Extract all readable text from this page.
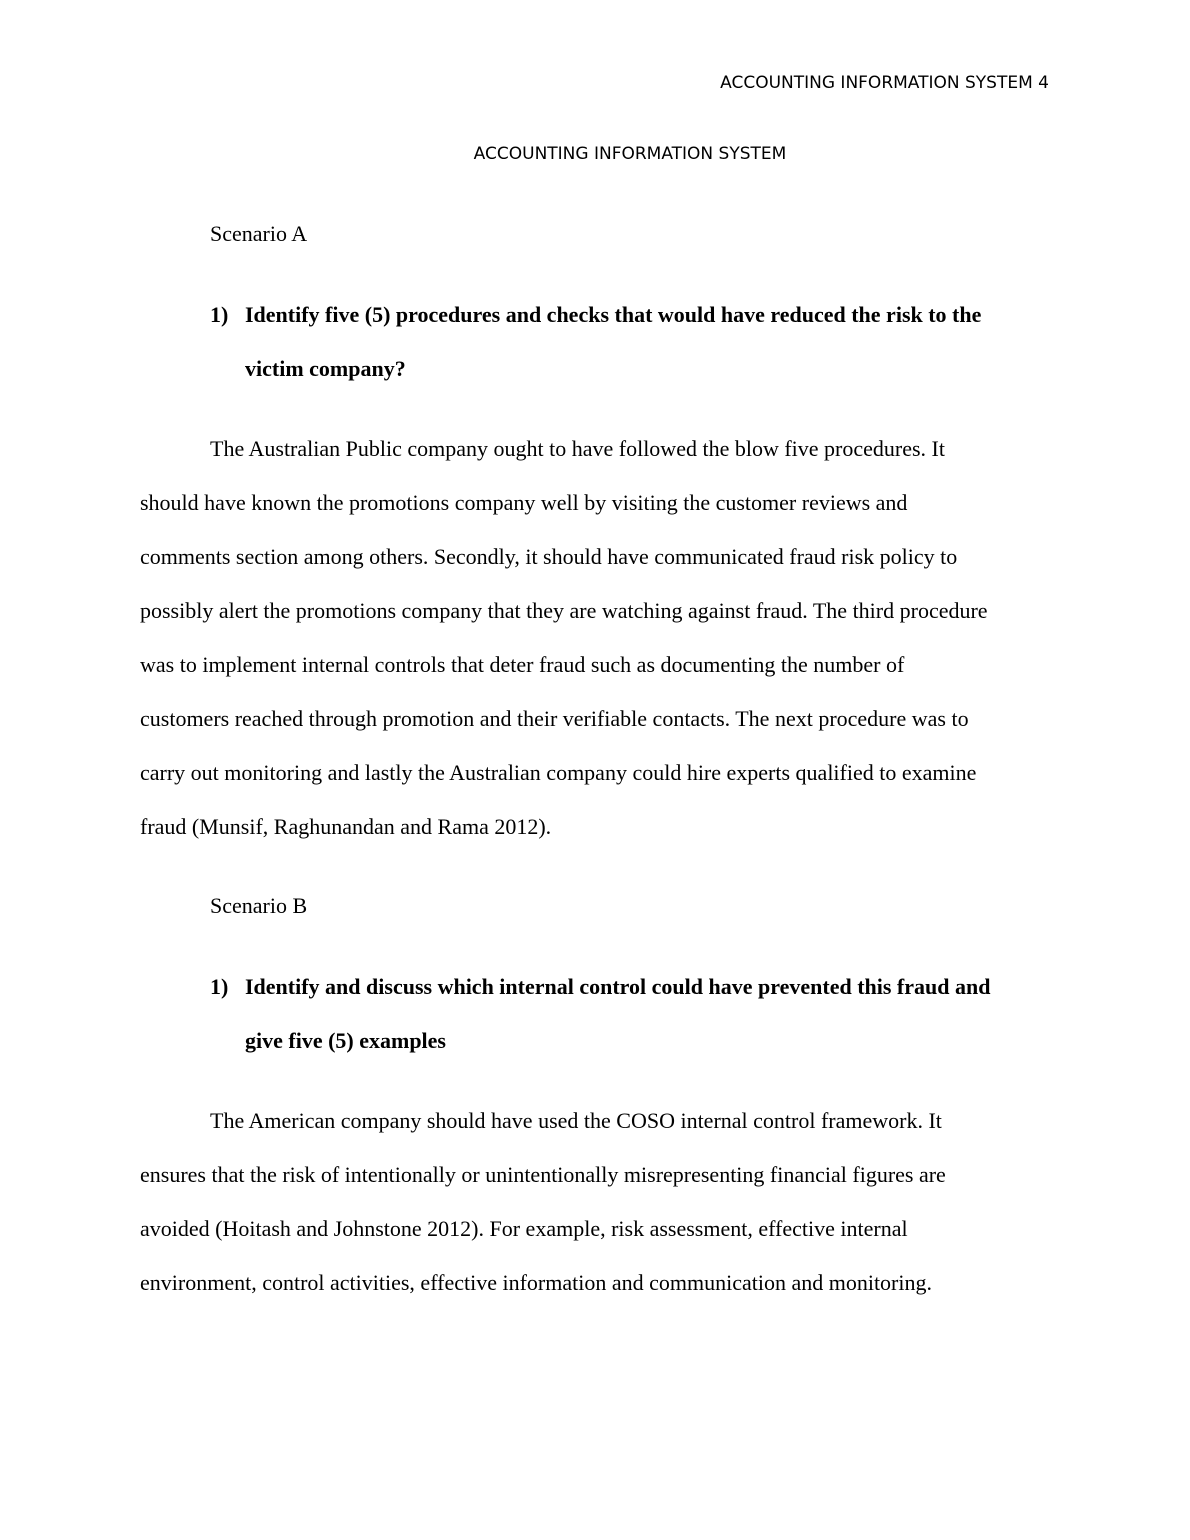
ACCOUNTING INFORMATION SYSTEM 4
ACCOUNTING INFORMATION SYSTEM
Scenario A
1) Identify five (5) procedures and checks that would have reduced the risk to the
victim company?
The Australian Public company ought to have followed the blow five procedures. It
should have known the promotions company well by visiting the customer reviews and
comments section among others. Secondly, it should have communicated fraud risk policy to
possibly alert the promotions company that they are watching against fraud. The third procedure
was to implement internal controls that deter fraud such as documenting the number of
customers reached through promotion and their verifiable contacts. The next procedure was to
carry out monitoring and lastly the Australian company could hire experts qualified to examine
fraud (Munsif, Raghunandan and Rama 2012).
Scenario B
1) Identify and discuss which internal control could have prevented this fraud and
give five (5) examples
The American company should have used the COSO internal control framework. It
ensures that the risk of intentionally or unintentionally misrepresenting financial figures are
avoided (Hoitash and Johnstone 2012). For example, risk assessment, effective internal
environment, control activities, effective information and communication and monitoring.
